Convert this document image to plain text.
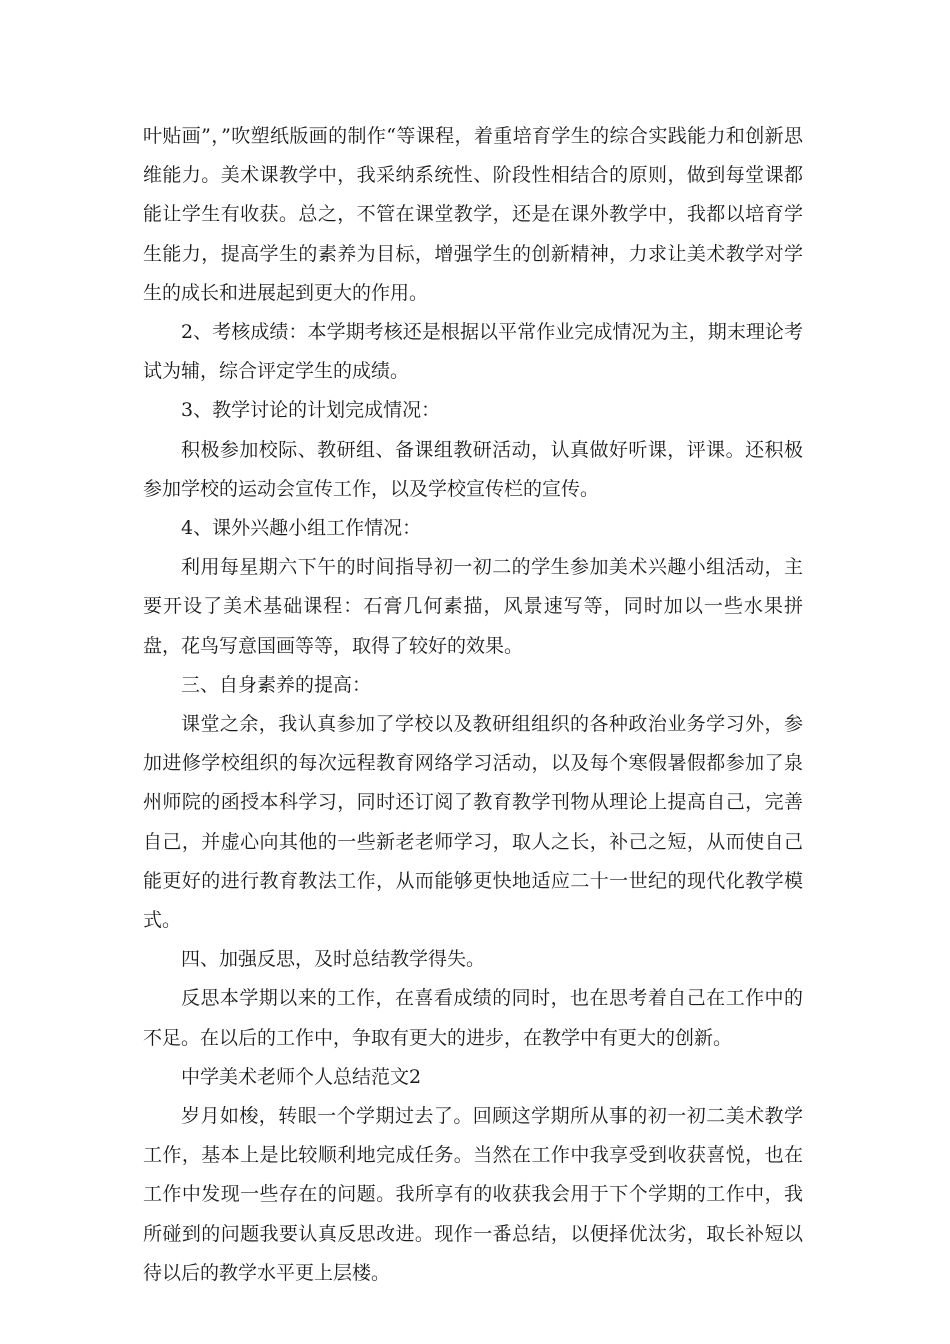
叶贴画”，”吹塑纸版画的制作“等课程，着重培育学生的综合实践能力和创新思维能力。美术课教学中，我采纳系统性、阶段性相结合的原则，做到每堂课都能让学生有收获。总之，不管在课堂教学，还是在课外教学中，我都以培育学生能力，提高学生的素养为目标，增强学生的创新精神，力求让美术教学对学生的成长和进展起到更大的作用。

2、考核成绩：本学期考核还是根据以平常作业完成情况为主，期末理论考试为辅，综合评定学生的成绩。

3、教学讨论的计划完成情况：

积极参加校际、教研组、备课组教研活动，认真做好听课，评课。还积极参加学校的运动会宣传工作，以及学校宣传栏的宣传。

4、课外兴趣小组工作情况：

利用每星期六下午的时间指导初一初二的学生参加美术兴趣小组活动，主要开设了美术基础课程：石膏几何素描，风景速写等，同时加以一些水果拼盘，花鸟写意国画等等，取得了较好的效果。

三、自身素养的提高：

课堂之余，我认真参加了学校以及教研组组织的各种政治业务学习外，参加进修学校组织的每次远程教育网络学习活动，以及每个寒假暑假都参加了泉州师院的函授本科学习，同时还订阅了教育教学刊物从理论上提高自己，完善自己，并虚心向其他的一些新老老师学习，取人之长，补己之短，从而使自己能更好的进行教育教法工作，从而能够更快地适应二十一世纪的现代化教学模式。

四、加强反思，及时总结教学得失。

反思本学期以来的工作，在喜看成绩的同时，也在思考着自己在工作中的不足。在以后的工作中，争取有更大的进步，在教学中有更大的创新。

中学美术老师个人总结范文2

岁月如梭，转眼一个学期过去了。回顾这学期所从事的初一初二美术教学工作，基本上是比较顺利地完成任务。当然在工作中我享受到收获喜悦，也在工作中发现一些存在的问题。我所享有的收获我会用于下个学期的工作中，我所碰到的问题我要认真反思改进。现作一番总结，以便择优汰劣，取长补短以待以后的教学水平更上层楼。
